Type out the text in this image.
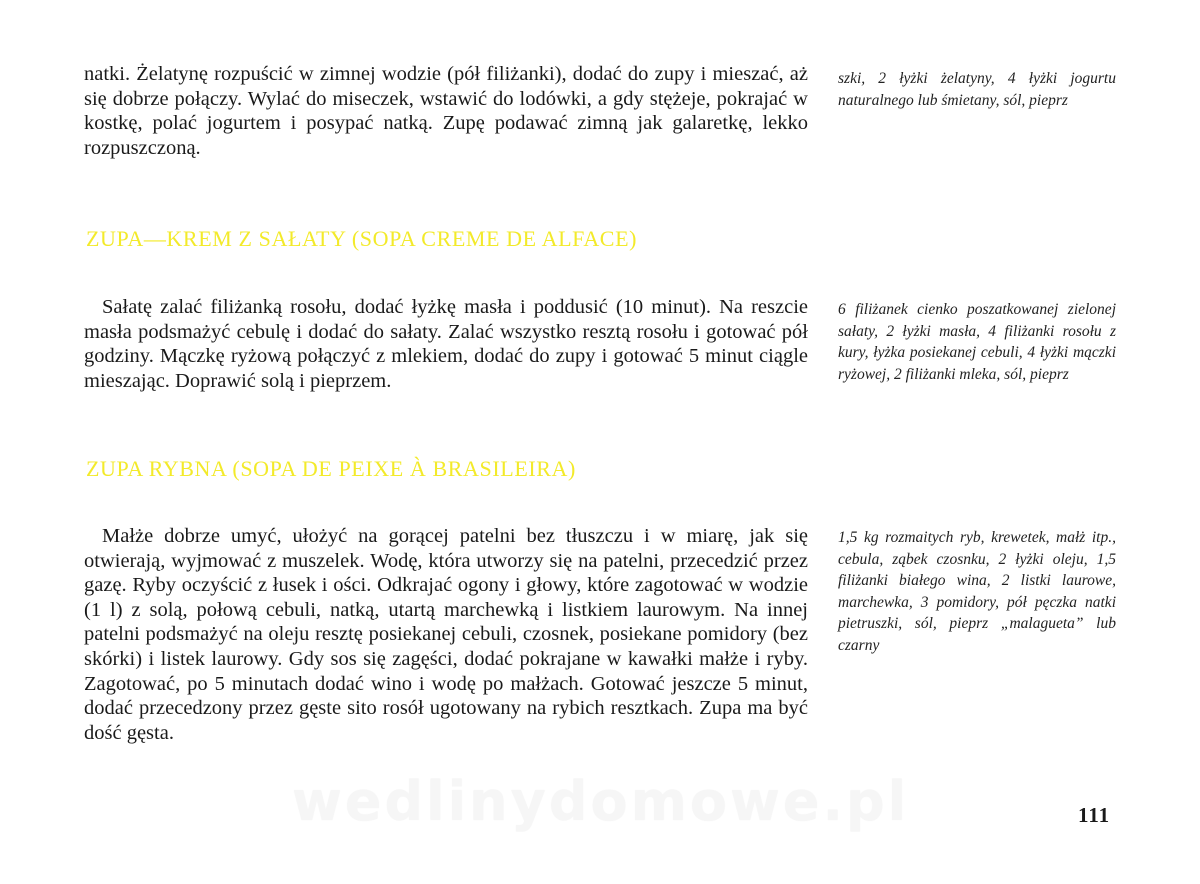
natki. Żelatynę rozpuścić w zimnej wodzie (pół filiżanki), dodać do zupy i mieszać, aż się dobrze połączy. Wylać do miseczek, wstawić do lodówki, a gdy stężeje, pokrajać w kostkę, polać jogurtem i posypać natką. Zupę podawać zimną jak galaretkę, lekko rozpuszczoną.

szki, 2 łyżki żelatyny, 4 łyżki jogurtu naturalnego lub śmietany, sól, pieprz

ZUPA—KREM Z SAŁATY (SOPA CREME DE ALFACE)

Sałatę zalać filiżanką rosołu, dodać łyżkę masła i poddusić (10 minut). Na reszcie masła podsmażyć cebulę i dodać do sałaty. Zalać wszystko resztą rosołu i gotować pół godziny. Mączkę ryżową połączyć z mlekiem, dodać do zupy i gotować 5 minut ciągle mieszając. Doprawić solą i pieprzem.

6 filiżanek cienko poszatkowanej zielonej sałaty, 2 łyżki masła, 4 filiżanki rosołu z kury, łyżka posiekanej cebuli, 4 łyżki mączki ryżowej, 2 filiżanki mleka, sól, pieprz

ZUPA RYBNA (SOPA DE PEIXE À BRASILEIRA)

Małże dobrze umyć, ułożyć na gorącej patelni bez tłuszczu i w miarę, jak się otwierają, wyjmować z muszelek. Wodę, która utworzy się na patelni, przecedzić przez gazę. Ryby oczyścić z łusek i ości. Odkrajać ogony i głowy, które zagotować w wodzie (1 l) z solą, połową cebuli, natką, utartą marchewką i listkiem laurowym. Na innej patelni podsmażyć na oleju resztę posiekanej cebuli, czosnek, posiekane pomidory (bez skórki) i listek laurowy. Gdy sos się zagęści, dodać pokrajane w kawałki małże i ryby. Zagotować, po 5 minutach dodać wino i wodę po małżach. Gotować jeszcze 5 minut, dodać przecedzony przez gęste sito rosół ugotowany na rybich resztkach. Zupa ma być dość gęsta.

1,5 kg rozmaitych ryb, krewetek, małż itp., cebula, ząbek czosnku, 2 łyżki oleju, 1,5 filiżanki białego wina, 2 listki laurowe, marchewka, 3 pomidory, pół pęczka natki pietruszki, sól, pieprz „malagueta” lub czarny

wedlinydomowe.pl	111
